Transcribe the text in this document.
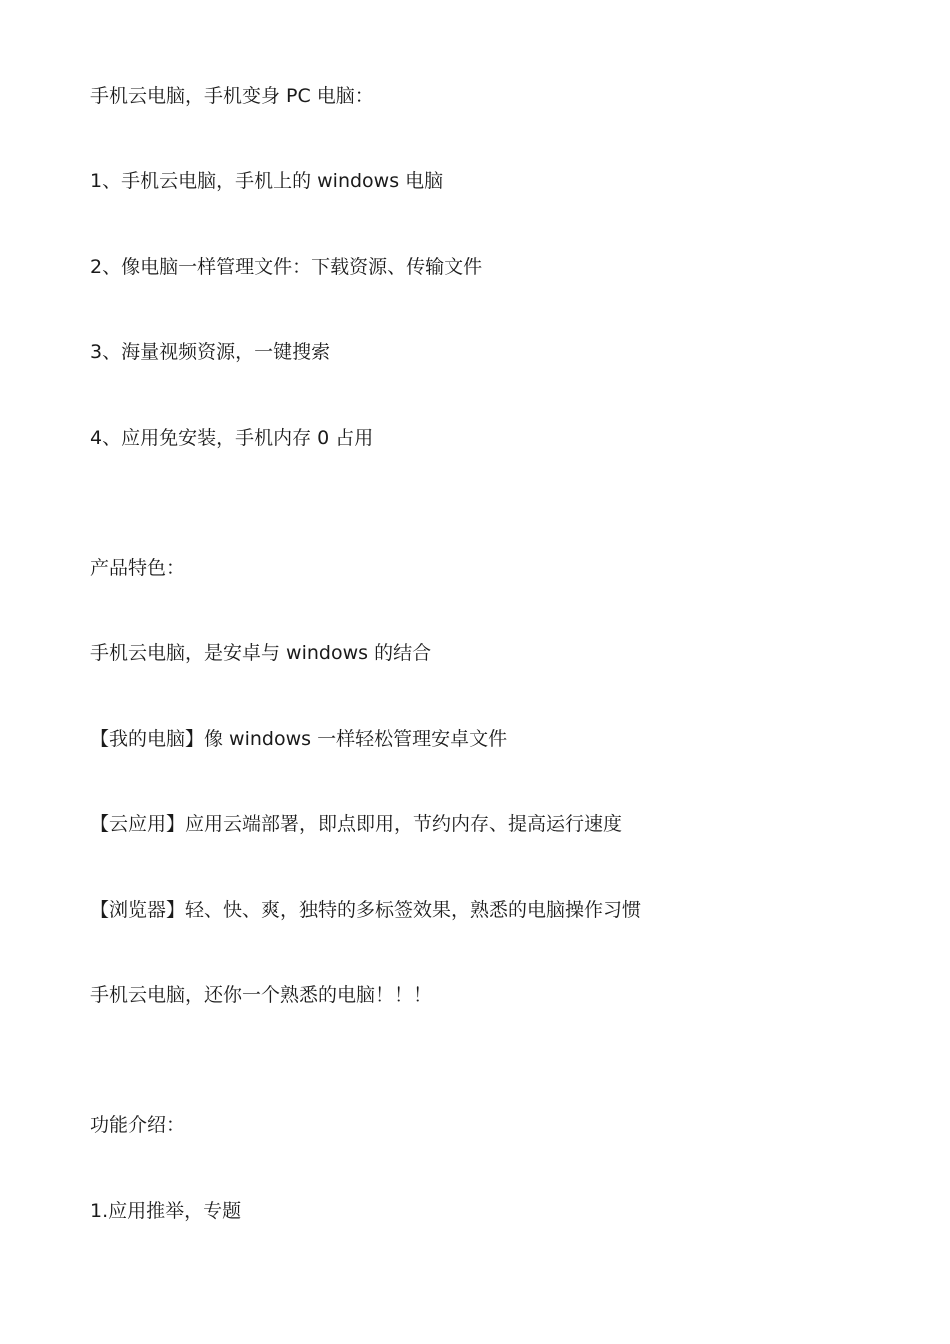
手机云电脑，手机变身 PC 电脑：

1、手机云电脑，手机上的 windows 电脑

2、像电脑一样管理文件：下载资源、传输文件

3、海量视频资源，一键搜索

4、应用免安装，手机内存 0 占用

产品特色：

手机云电脑，是安卓与 windows 的结合

【我的电脑】像 windows 一样轻松管理安卓文件

【云应用】应用云端部署，即点即用，节约内存、提高运行速度

【浏览器】轻、快、爽，独特的多标签效果，熟悉的电脑操作习惯

手机云电脑，还你一个熟悉的电脑！！！

功能介绍：

1.应用推举，专题
